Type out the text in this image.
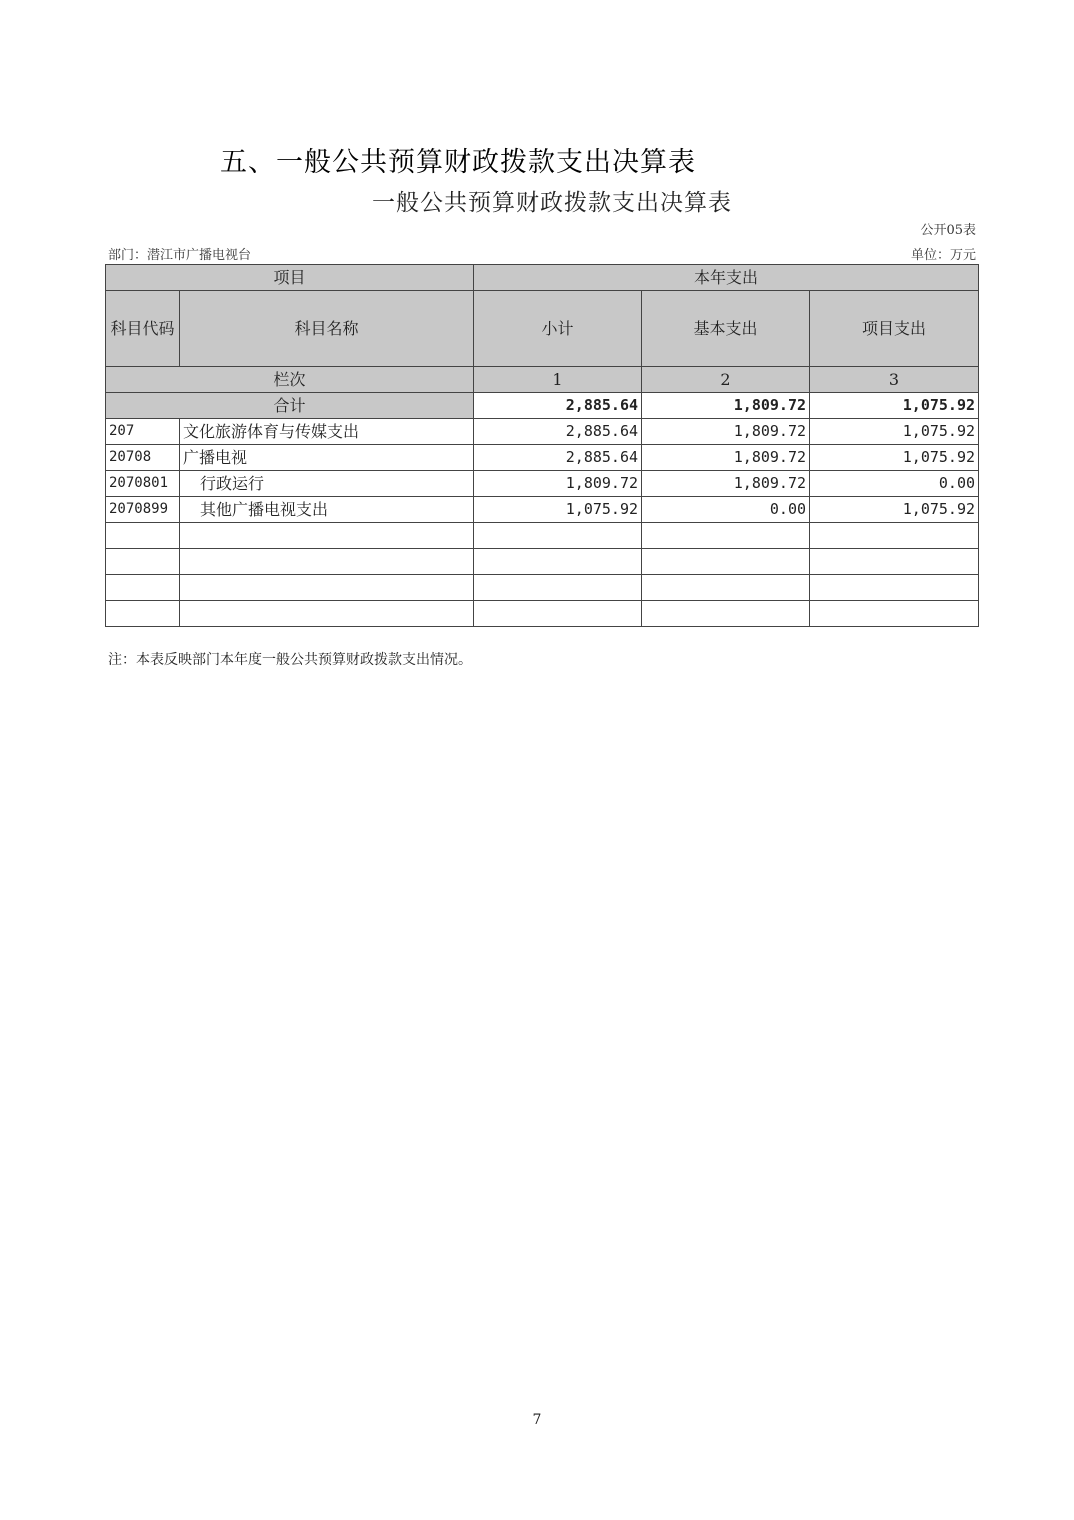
五、一般公共预算财政拨款支出决算表
一般公共预算财政拨款支出决算表
公开05表
部门：潜江市广播电视台	单位：万元
项目		本年支出		
科目代码	科目名称	小计	基本支出	项目支出
栏次		1	2	3
合计		2,885.64	1,809.72	1,075.92
207	文化旅游体育与传媒支出	2,885.64	1,809.72	1,075.92
20708	广播电视	2,885.64	1,809.72	1,075.92
2070801	行政运行	1,809.72	1,809.72	0.00
2070899	其他广播电视支出	1,075.92	0.00	1,075.92

注：本表反映部门本年度一般公共预算财政拨款支出情况。
7
